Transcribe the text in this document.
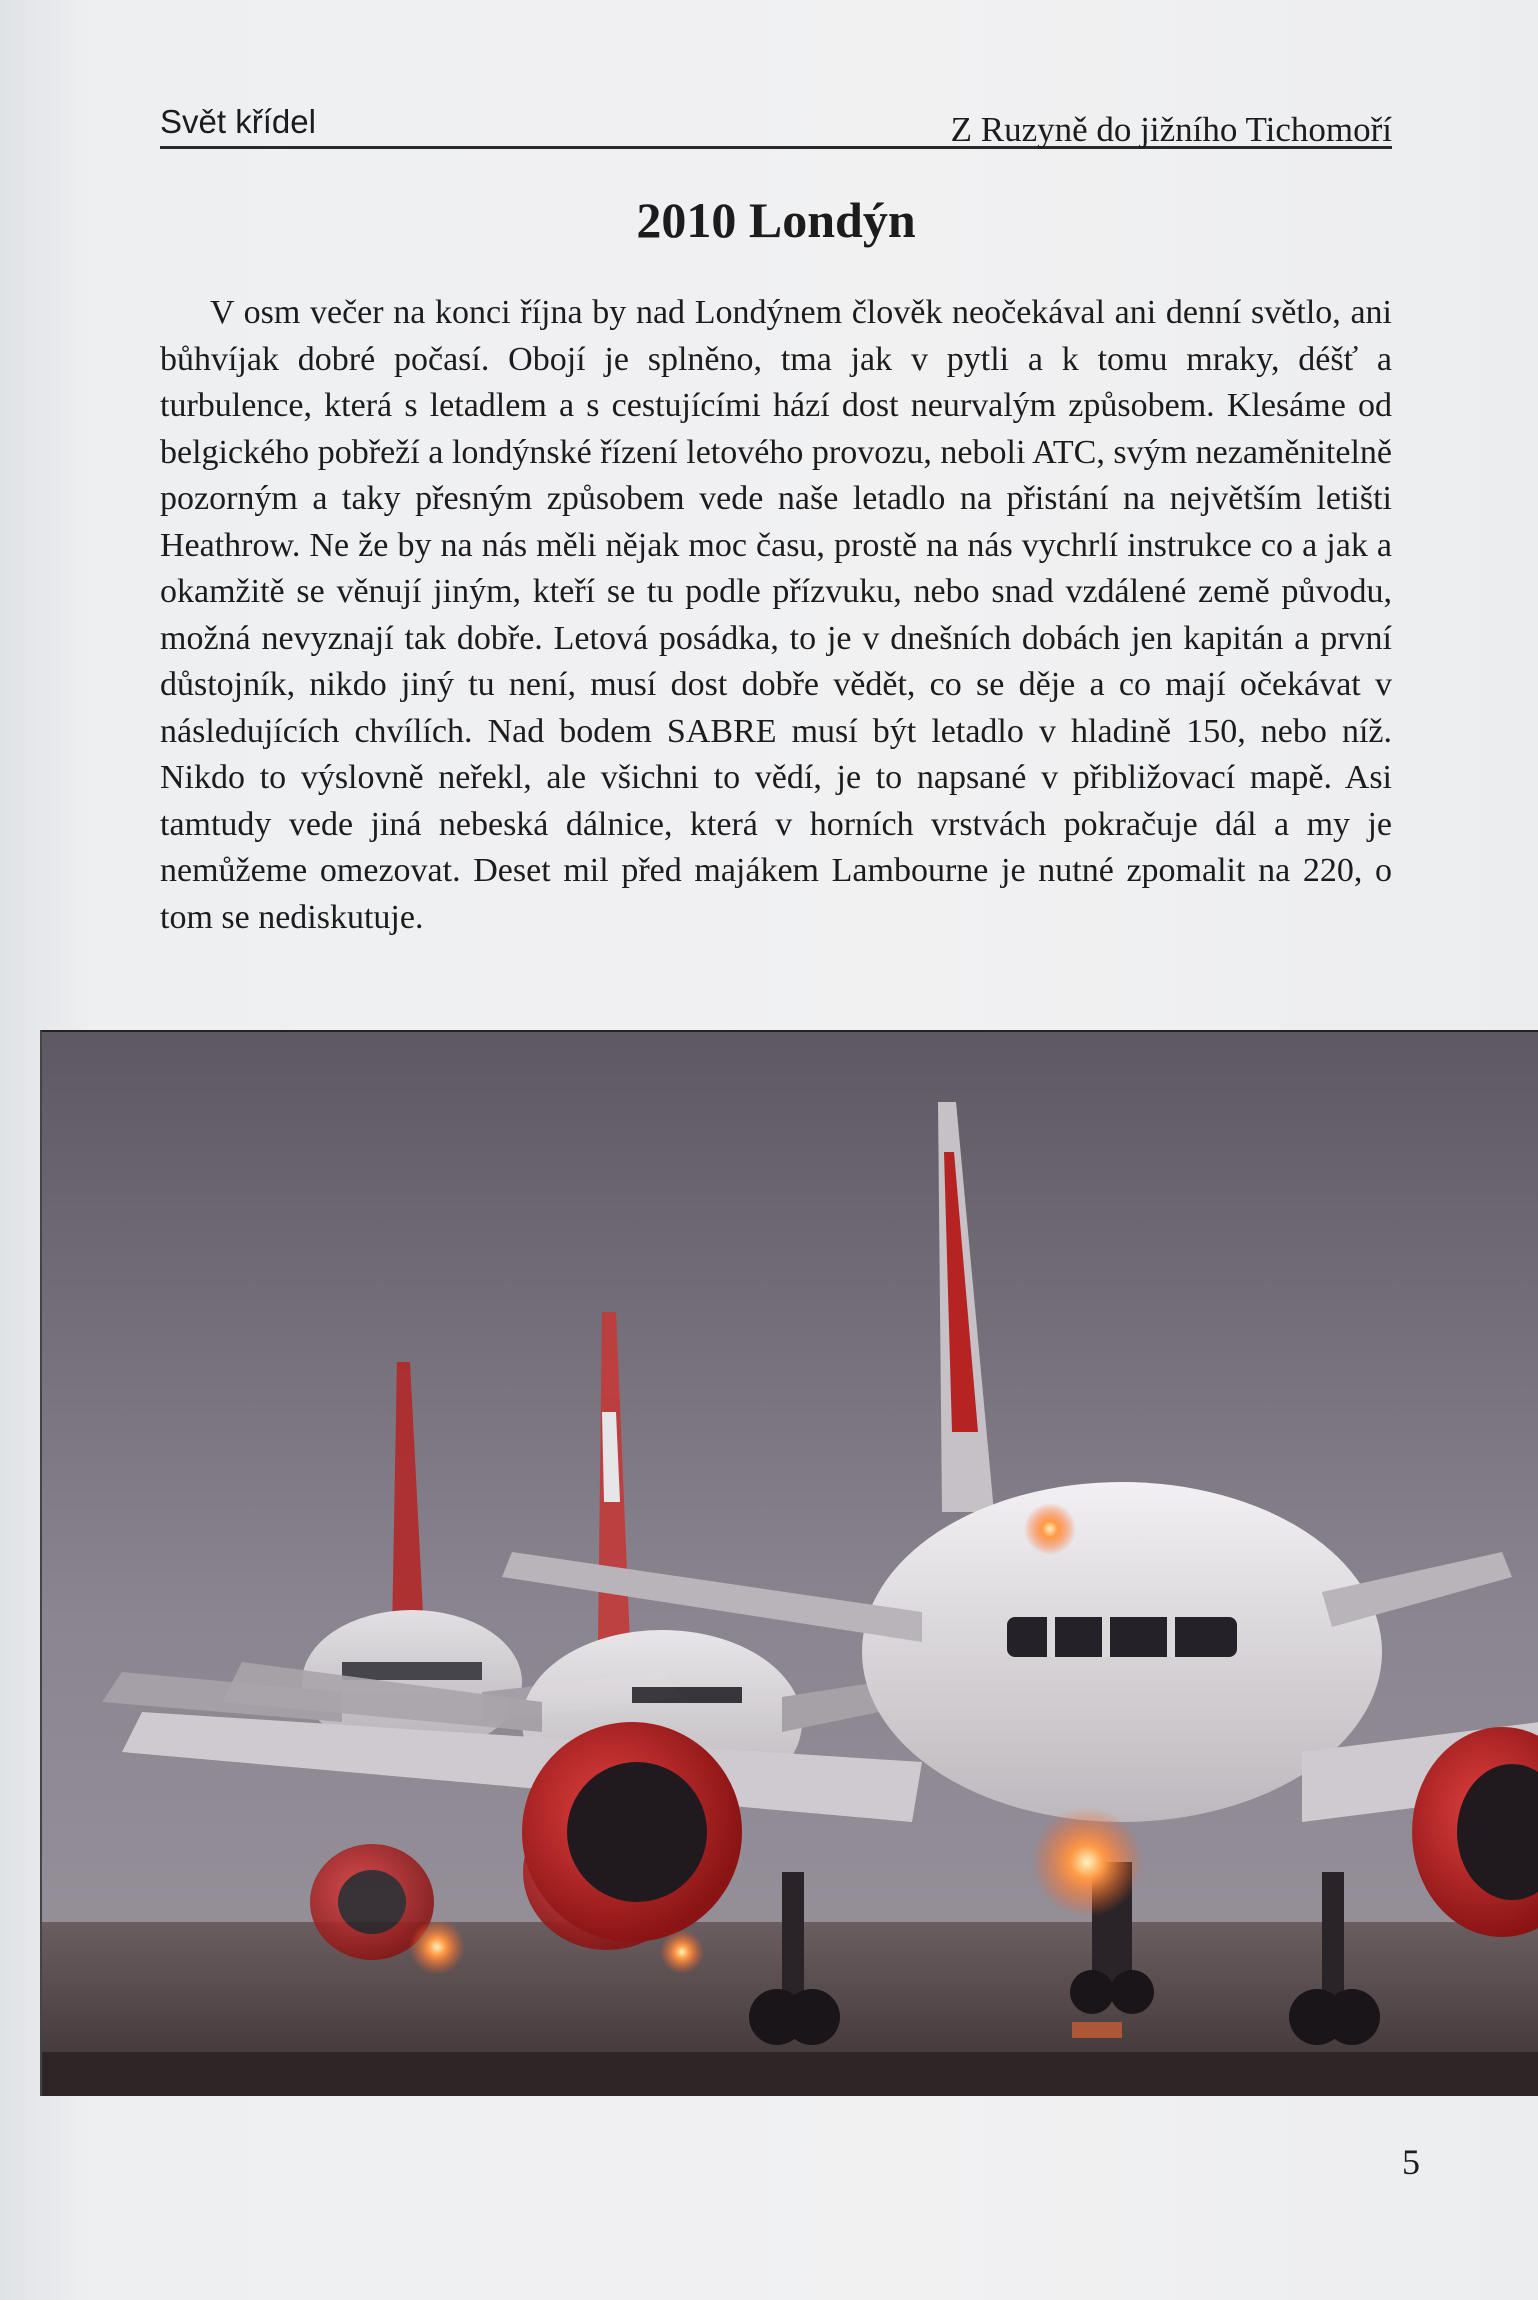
Svět křídel	Z Ruzyně do jižního Tichomoří
2010 Londýn

V osm večer na konci října by nad Londýnem člověk neočekával ani denní světlo, ani bůhvíjak dobré počasí. Obojí je splněno, tma jak v pytli a k tomu mraky, déšť a turbulence, která s letadlem a s cestujícími hází dost neurvalým způsobem. Klesáme od belgického pobřeží a londýnské řízení letového provozu, neboli ATC, svým nezaměnitelně pozorným a taky přesným způsobem vede naše letadlo na přistání na největším letišti Heathrow. Ne že by na nás měli nějak moc času, prostě na nás vychrlí instrukce co a jak a okamžitě se věnují jiným, kteří se tu podle přízvuku, nebo snad vzdálené země původu, možná nevyznají tak dobře. Letová posádka, to je v dnešních dobách jen kapitán a první důstojník, nikdo jiný tu není, musí dost dobře vědět, co se děje a co mají očekávat v následujících chvílích. Nad bodem SABRE musí být letadlo v hladině 150, nebo níž. Nikdo to výslovně neřekl, ale všichni to vědí, je to napsané v přibližovací mapě. Asi tamtudy vede jiná nebeská dálnice, která v horních vrstvách pokračuje dál a my je nemůžeme omezovat. Deset mil před majákem Lambourne je nutné zpomalit na 220, o tom se nediskutuje.

5
